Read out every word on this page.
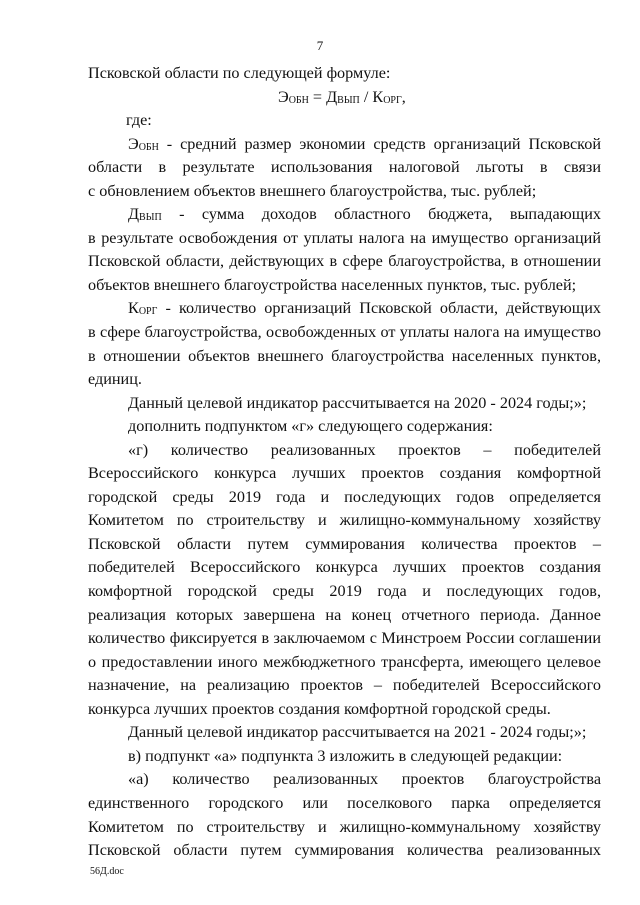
7
Псковской области по следующей формуле:
$Э_{ОБН} = Д_{ВЫП} / К_{ОРГ}$,
где:
$Э_{ОБН}$ - средний размер экономии средств организаций Псковской
области в результате использования налоговой льготы в связи
с обновлением объектов внешнего благоустройства, тыс. рублей;
$Д_{ВЫП}$ - сумма доходов областного бюджета, выпадающих
в результате освобождения от уплаты налога на имущество организаций
Псковской области, действующих в сфере благоустройства, в отношении
объектов внешнего благоустройства населенных пунктов, тыс. рублей;
$К_{ОРГ}$ - количество организаций Псковской области, действующих
в сфере благоустройства, освобожденных от уплаты налога на имущество
в отношении объектов внешнего благоустройства населенных пунктов,
единиц.
Данный целевой индикатор рассчитывается на 2020 - 2024 годы;»;
дополнить подпунктом «г» следующего содержания:
«г) количество реализованных проектов – победителей
Всероссийского конкурса лучших проектов создания комфортной
городской среды 2019 года и последующих годов определяется
Комитетом по строительству и жилищно-коммунальному хозяйству
Псковской области путем суммирования количества проектов –
победителей Всероссийского конкурса лучших проектов создания
комфортной городской среды 2019 года и последующих годов,
реализация которых завершена на конец отчетного периода. Данное
количество фиксируется в заключаемом с Минстроем России соглашении
о предоставлении иного межбюджетного трансферта, имеющего целевое
назначение, на реализацию проектов – победителей Всероссийского
конкурса лучших проектов создания комфортной городской среды.
Данный целевой индикатор рассчитывается на 2021 - 2024 годы;»;
в) подпункт «а» подпункта 3 изложить в следующей редакции:
«а) количество реализованных проектов благоустройства
единственного городского или поселкового парка определяется
Комитетом по строительству и жилищно-коммунальному хозяйству
Псковской области путем суммирования количества реализованных
56Д.doc
